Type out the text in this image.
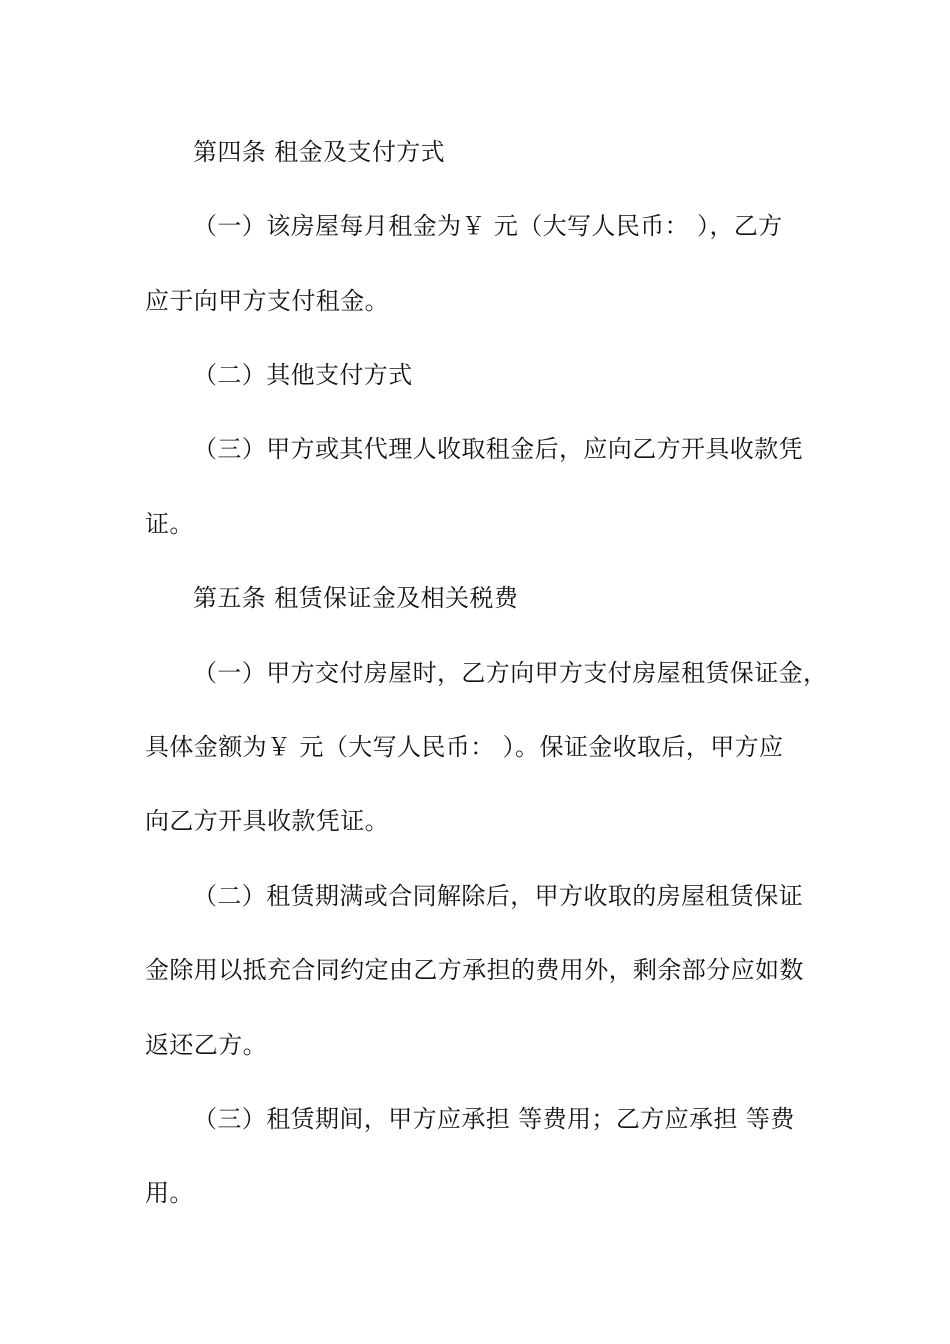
第四条 租金及支付方式
（一）该房屋每月租金为￥ 元（大写人民币： ），乙方
应于向甲方支付租金。
（二）其他支付方式
（三）甲方或其代理人收取租金后，应向乙方开具收款凭
证。
第五条 租赁保证金及相关税费
（一）甲方交付房屋时，乙方向甲方支付房屋租赁保证金，
具体金额为￥ 元（大写人民币： ）。保证金收取后，甲方应
向乙方开具收款凭证。
（二）租赁期满或合同解除后，甲方收取的房屋租赁保证
金除用以抵充合同约定由乙方承担的费用外，剩余部分应如数
返还乙方。
（三）租赁期间，甲方应承担 等费用；乙方应承担 等费
用。
